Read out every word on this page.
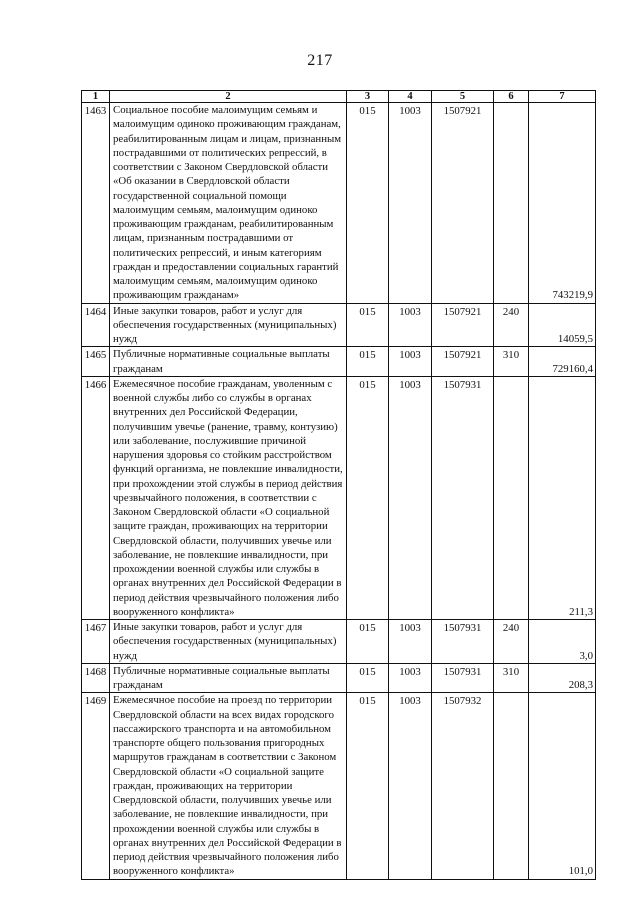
217
1	2	3	4	5	6	7
1463	Социальное пособие малоимущим семьям и малоимущим одиноко проживающим гражданам, реабилитированным лицам и лицам, признанным пострадавшими от политических репрессий, в соответствии с Законом Свердловской области «Об оказании в Свердловской области государственной социальной помощи малоимущим семьям, малоимущим одиноко проживающим гражданам, реабилитированным лицам, признанным пострадавшими от политических репрессий, и иным категориям граждан и предоставлении социальных гарантий малоимущим семьям, малоимущим одиноко проживающим гражданам»	015	1003	1507921		743219,9
1464	Иные закупки товаров, работ и услуг для обеспечения государственных (муниципальных) нужд	015	1003	1507921	240	14059,5
1465	Публичные нормативные социальные выплаты гражданам	015	1003	1507921	310	729160,4
1466	Ежемесячное пособие гражданам, уволенным с военной службы либо со службы в органах внутренних дел Российской Федерации, получившим увечье (ранение, травму, контузию) или заболевание, послужившие причиной нарушения здоровья со стойким расстройством функций организма, не повлекшие инвалидности, при прохождении этой службы в период действия чрезвычайного положения, в соответствии с Законом Свердловской области «О социальной защите граждан, проживающих на территории Свердловской области, получивших увечье или заболевание, не повлекшие инвалидности, при прохождении военной службы или службы в органах внутренних дел Российской Федерации в период действия чрезвычайного положения либо вооруженного конфликта»	015	1003	1507931		211,3
1467	Иные закупки товаров, работ и услуг для обеспечения государственных (муниципальных) нужд	015	1003	1507931	240	3,0
1468	Публичные нормативные социальные выплаты гражданам	015	1003	1507931	310	208,3
1469	Ежемесячное пособие на проезд по территории Свердловской области на всех видах городского пассажирского транспорта и на автомобильном транспорте общего пользования пригородных маршрутов гражданам в соответствии с Законом Свердловской области «О социальной защите граждан, проживающих на территории Свердловской области, получивших увечье или заболевание, не повлекшие инвалидности, при прохождении военной службы или службы в органах внутренних дел Российской Федерации в период действия чрезвычайного положения либо вооруженного конфликта»	015	1003	1507932		101,0
